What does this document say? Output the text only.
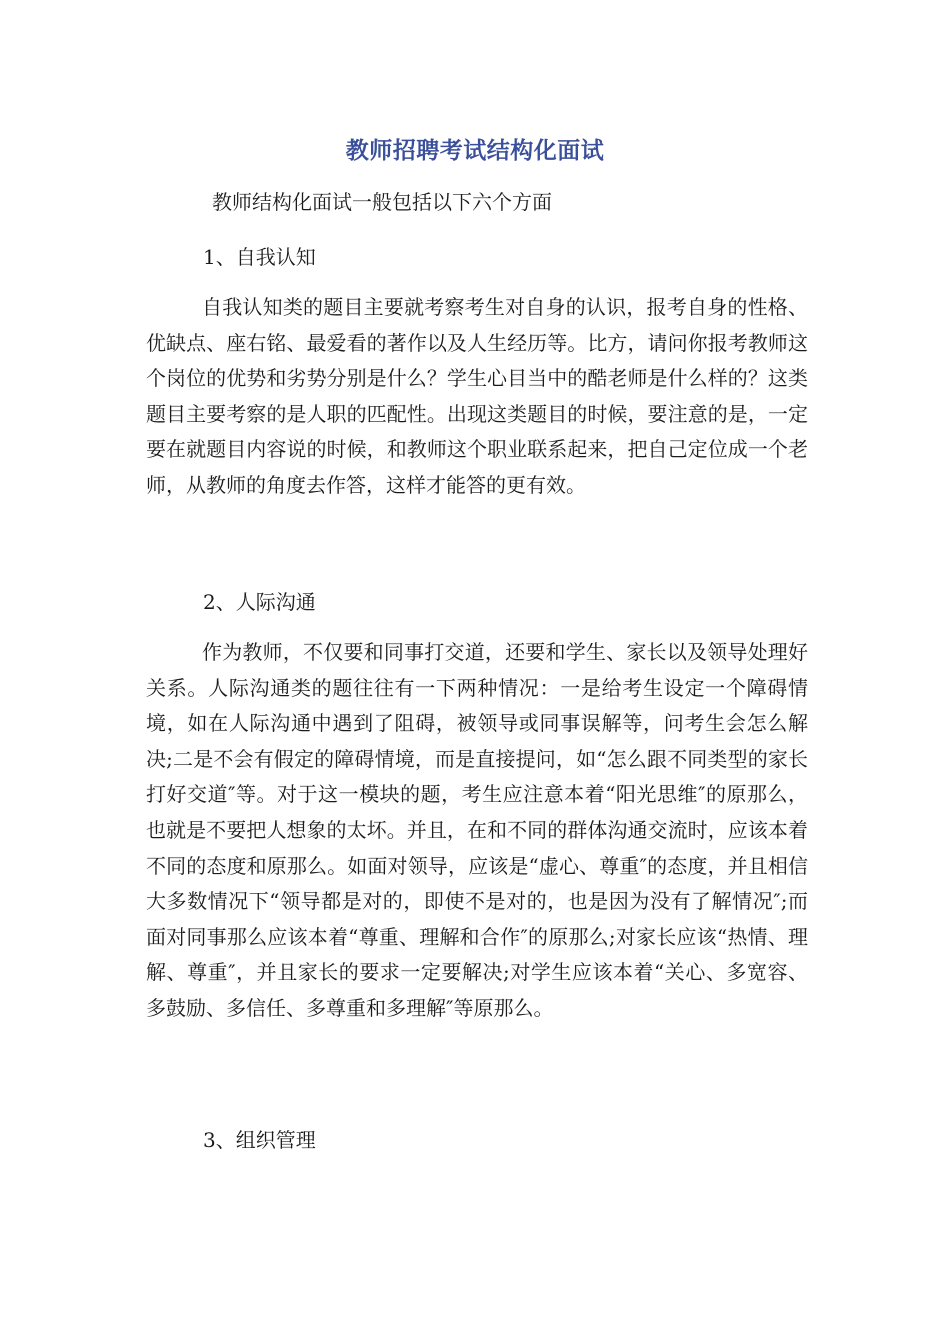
教师招聘考试结构化面试

教师结构化面试一般包括以下六个方面

1、自我认知

自我认知类的题目主要就考察考生对自身的认识，报考自身的性格、优缺点、座右铭、最爱看的著作以及人生经历等。比方，请问你报考教师这个岗位的优势和劣势分别是什么？学生心目当中的酷老师是什么样的？这类题目主要考察的是人职的匹配性。出现这类题目的时候，要注意的是，一定要在就题目内容说的时候，和教师这个职业联系起来，把自己定位成一个老师，从教师的角度去作答，这样才能答的更有效。

2、人际沟通

作为教师，不仅要和同事打交道，还要和学生、家长以及领导处理好关系。人际沟通类的题往往有一下两种情况：一是给考生设定一个障碍情境，如在人际沟通中遇到了阻碍，被领导或同事误解等，问考生会怎么解决;二是不会有假定的障碍情境，而是直接提问，如“怎么跟不同类型的家长打好交道″等。对于这一模块的题，考生应注意本着“阳光思维″的原那么，也就是不要把人想象的太坏。并且，在和不同的群体沟通交流时，应该本着不同的态度和原那么。如面对领导，应该是“虚心、尊重″的态度，并且相信大多数情况下“领导都是对的，即使不是对的，也是因为没有了解情况″;而面对同事那么应该本着“尊重、理解和合作″的原那么;对家长应该“热情、理解、尊重″，并且家长的要求一定要解决;对学生应该本着“关心、多宽容、多鼓励、多信任、多尊重和多理解″等原那么。

3、组织管理
